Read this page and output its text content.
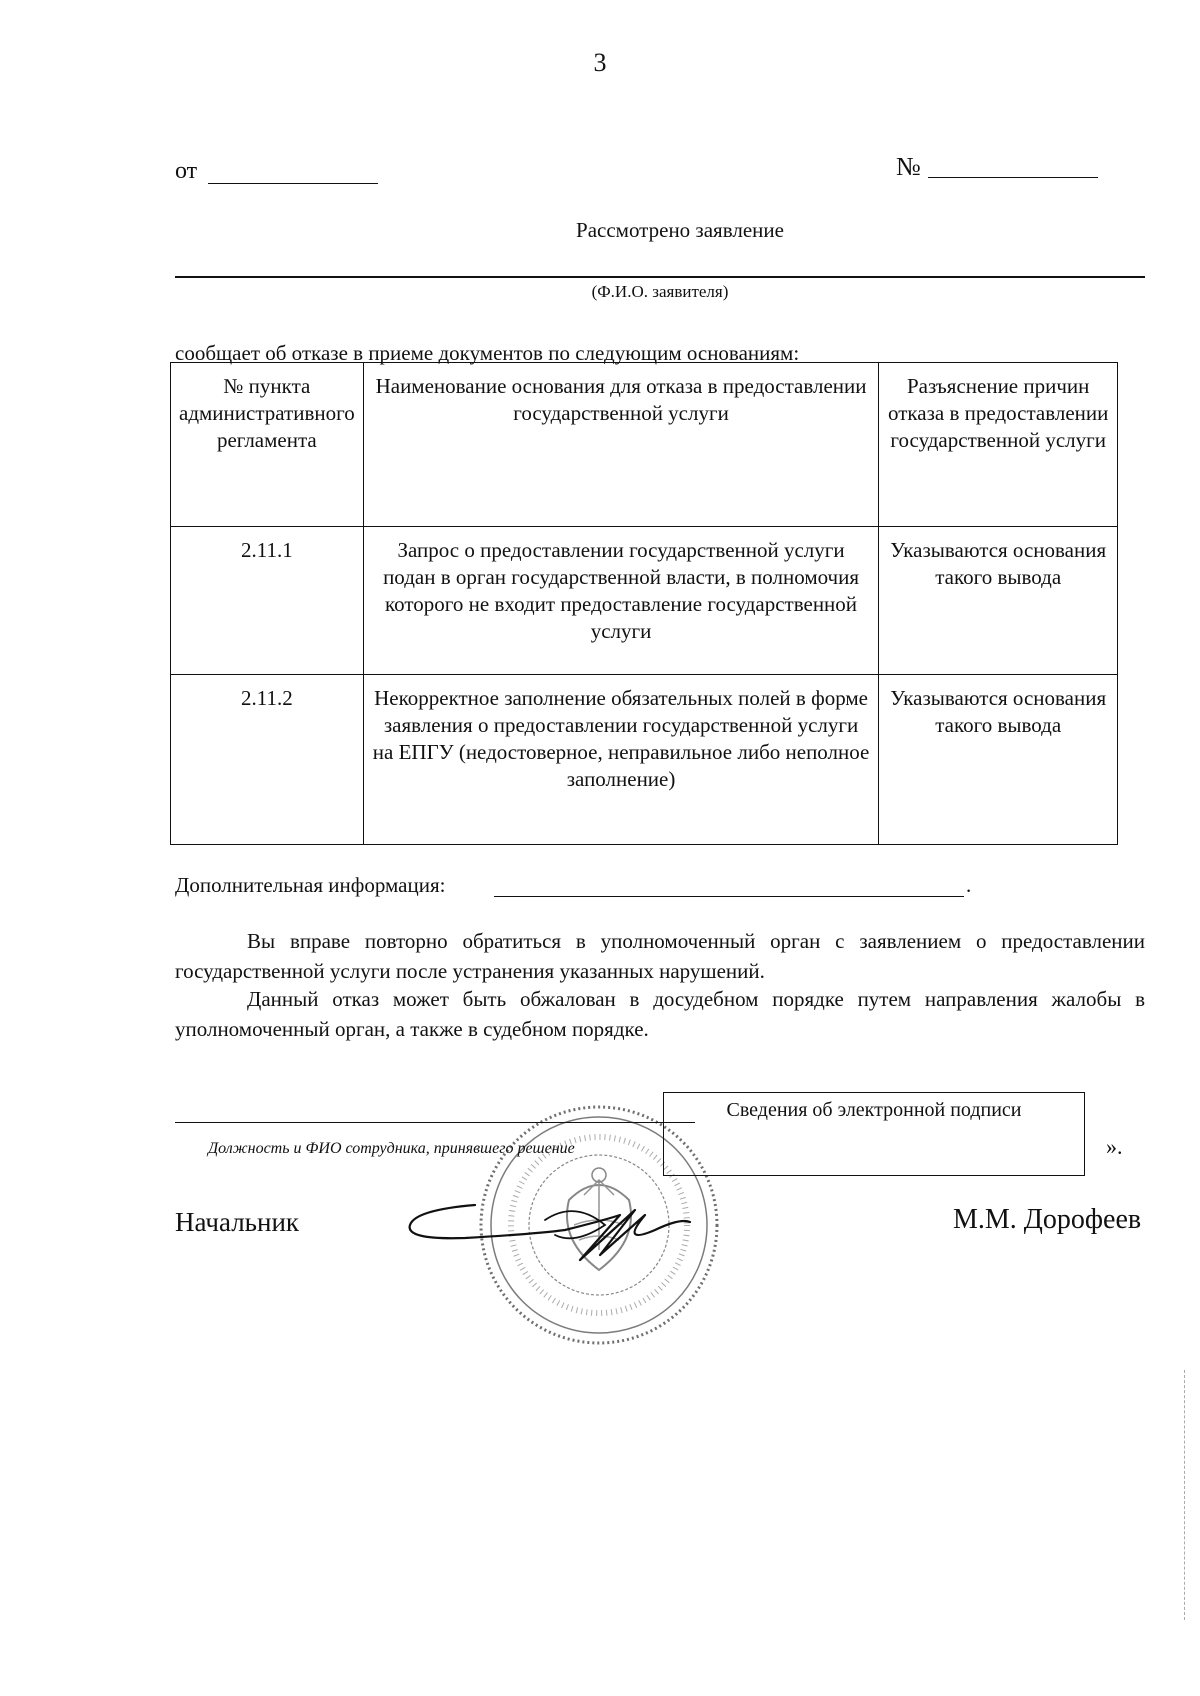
3
от	№
Рассмотрено заявление
(Ф.И.О. заявителя)
сообщает об отказе в приеме документов по следующим основаниям:
№ пункта административного регламента	Наименование основания для отказа в предоставлении государственной услуги	Разъяснение причин отказа в предоставлении государственной услуги
2.11.1	Запрос о предоставлении государственной услуги подан в орган государственной власти, в полномочия которого не входит предоставление государственной услуги	Указываются основания такого вывода
2.11.2	Некорректное заполнение обязательных полей в форме заявления о предоставлении государственной услуги на ЕПГУ (недостоверное, неправильное либо неполное заполнение)	Указываются основания такого вывода
Дополнительная информация:	.

Вы вправе повторно обратиться в уполномоченный орган с заявлением о предоставлении государственной услуги после устранения указанных нарушений.

Данный отказ может быть обжалован в досудебном порядке путем направления жалобы в уполномоченный орган, а также в судебном порядке.

Должность и ФИО сотрудника, принявшего решение
Сведения об электронной подписи
».
Начальник	М.М. Дорофеев
